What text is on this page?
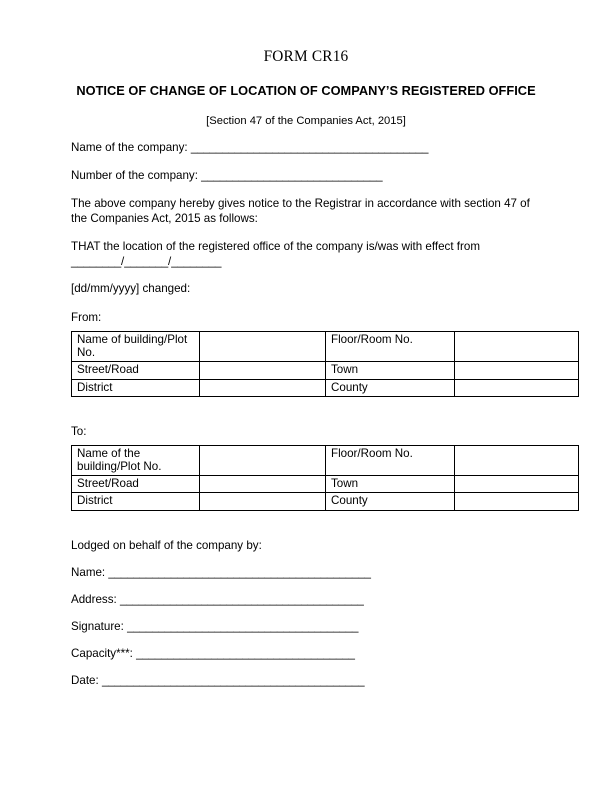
FORM CR16
NOTICE OF CHANGE OF LOCATION OF COMPANY’S REGISTERED OFFICE
[Section 47 of the Companies Act, 2015]
Name of the company: ______________________________________
Number of the company: _____________________________
The above company hereby gives notice to the Registrar in accordance with section 47 of the Companies Act, 2015 as follows:
THAT the location of the registered office of the company is/was with effect from ________/_______/________
[dd/mm/yyyy] changed:
From:
Name of building/Plot No.		Floor/Room No.	
Street/Road		Town	
District		County	
To:
Name of the building/Plot No.		Floor/Room No.	
Street/Road		Town	
District		County	
Lodged on behalf of the company by:
Name: __________________________________________
Address: _______________________________________
Signature: _____________________________________
Capacity***: ___________________________________
Date: __________________________________________
